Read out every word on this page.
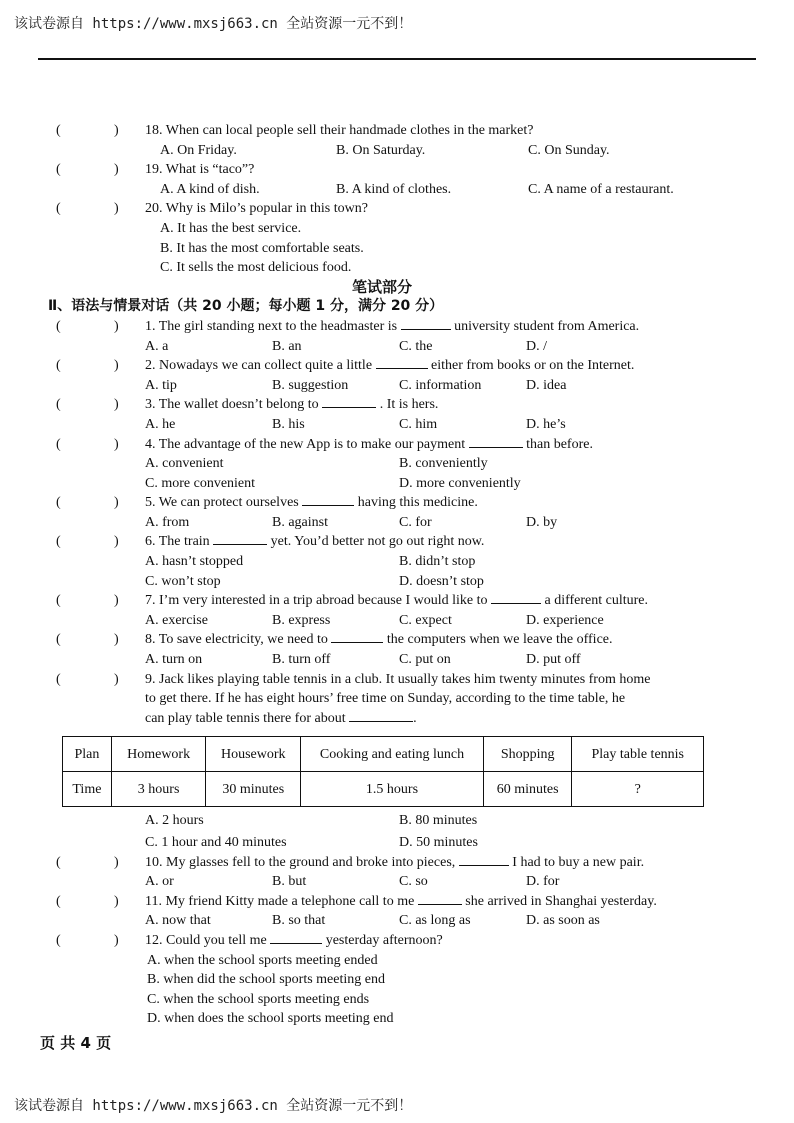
该试卷源自 https://www.mxsj663.cn 全站资源一元不到！
(	) 18. When can local people sell their handmade clothes in the market?
A. On Friday.	B. On Saturday.	C. On Sunday.
(	) 19. What is “taco”?
A. A kind of dish.	B. A kind of clothes.	C. A name of a restaurant.
(	) 20. Why is Milo’s popular in this town?
A. It has the best service.
B. It has the most comfortable seats.
C. It sells the most delicious food.
笔试部分
Ⅱ、语法与情景对话（共 20 小题；每小题 1 分，满分 20 分）
(	) 1. The girl standing next to the headmaster is	university student from America.
A. a	B. an	C. the	D. /
(	) 2. Nowadays we can collect quite a little	either from books or on the Internet.
A. tip	B. suggestion	C. information	D. idea
(	) 3. The wallet doesn’t belong to	. It is hers.
A. he	B. his	C. him	D. he’s
(	) 4. The advantage of the new App is to make our payment	than before.
A. convenient	B. conveniently
C. more convenient	D. more conveniently
(	) 5. We can protect ourselves	having this medicine.
A. from	B. against	C. for	D. by
(	) 6. The train	yet. You’d better not go out right now.
A. hasn’t stopped	B. didn’t stop
C. won’t stop	D. doesn’t stop
(	) 7. I’m very interested in a trip abroad because I would like to	a different culture.
A. exercise	B. express	C. expect	D. experience
(	) 8. To save electricity, we need to	the computers when we leave the office.
A. turn on	B. turn off	C. put on	D. put off
(	) 9. Jack likes playing table tennis in a club. It usually takes him twenty minutes from home
to get there. If he has eight hours’ free time on Sunday, according to the time table, he
can play table tennis there for about	.
Plan	Homework	Housework	Cooking and eating lunch	Shopping	Play table tennis
Time	3 hours	30 minutes	1.5 hours	60 minutes	?
A. 2 hours	B. 80 minutes
C. 1 hour and 40 minutes	D. 50 minutes
(	) 10. My glasses fell to the ground and broke into pieces,	I had to buy a new pair.
A. or	B. but	C. so	D. for
(	) 11. My friend Kitty made a telephone call to me	she arrived in Shanghai yesterday.
A. now that	B. so that	C. as long as	D. as soon as
(	) 12. Could you tell me	yesterday afternoon?
A. when the school sports meeting ended
B. when did the school sports meeting end
C. when the school sports meeting ends
D. when does the school sports meeting end
页 共 4 页
该试卷源自 https://www.mxsj663.cn 全站资源一元不到！
